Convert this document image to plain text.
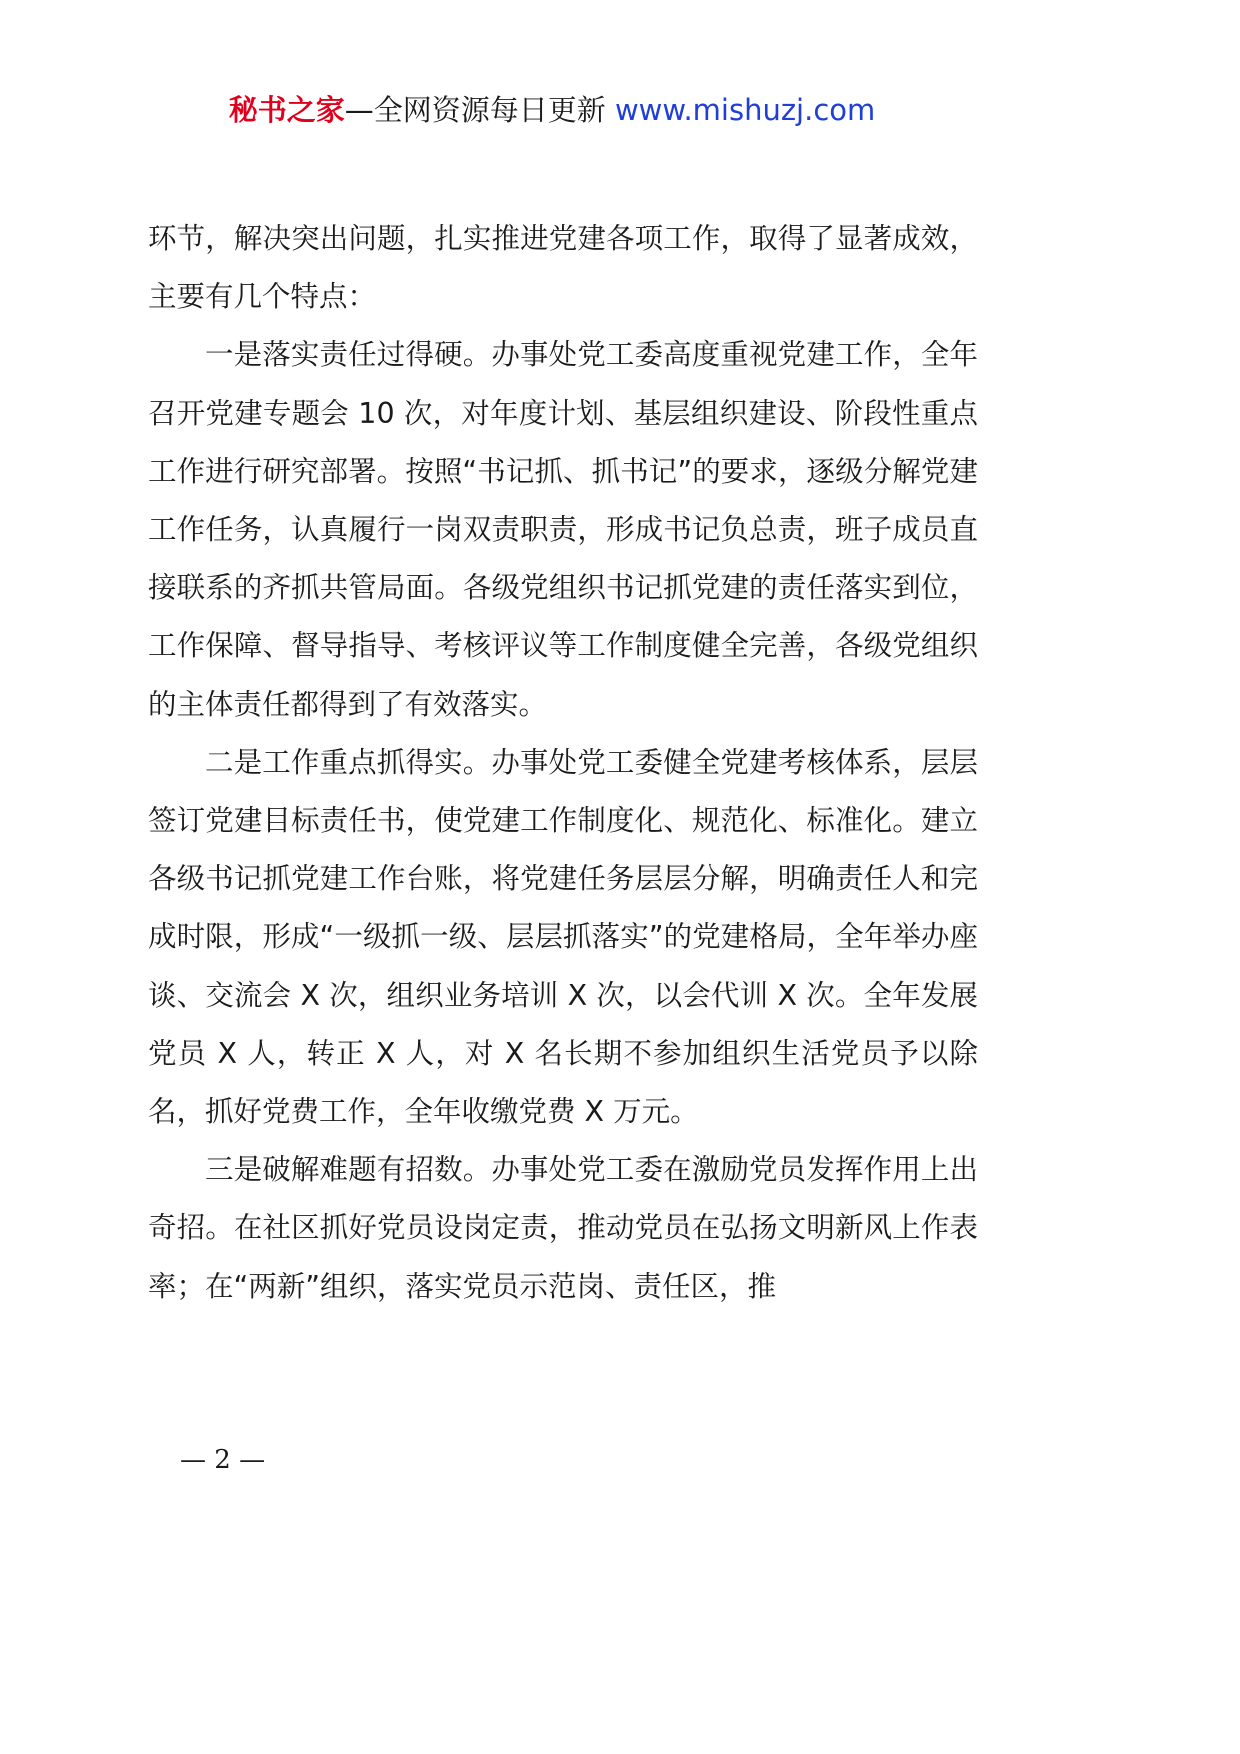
秘书之家—全网资源每日更新 www.mishuzj.com

环节，解决突出问题，扎实推进党建各项工作，取得了显著成效，主要有几个特点：

一是落实责任过得硬。办事处党工委高度重视党建工作，全年召开党建专题会 10 次，对年度计划、基层组织建设、阶段性重点工作进行研究部署。按照“书记抓、抓书记”的要求，逐级分解党建工作任务，认真履行一岗双责职责，形成书记负总责，班子成员直接联系的齐抓共管局面。各级党组织书记抓党建的责任落实到位，工作保障、督导指导、考核评议等工作制度健全完善，各级党组织的主体责任都得到了有效落实。

二是工作重点抓得实。办事处党工委健全党建考核体系，层层签订党建目标责任书，使党建工作制度化、规范化、标准化。建立各级书记抓党建工作台账，将党建任务层层分解，明确责任人和完成时限，形成“一级抓一级、层层抓落实”的党建格局，全年举办座谈、交流会 X 次，组织业务培训 X 次，以会代训 X 次。全年发展党员 X 人，转正 X 人，对 X 名长期不参加组织生活党员予以除名，抓好党费工作，全年收缴党费 X 万元。

三是破解难题有招数。办事处党工委在激励党员发挥作用上出奇招。在社区抓好党员设岗定责，推动党员在弘扬文明新风上作表率；在“两新”组织，落实党员示范岗、责任区，推

— 2 —
